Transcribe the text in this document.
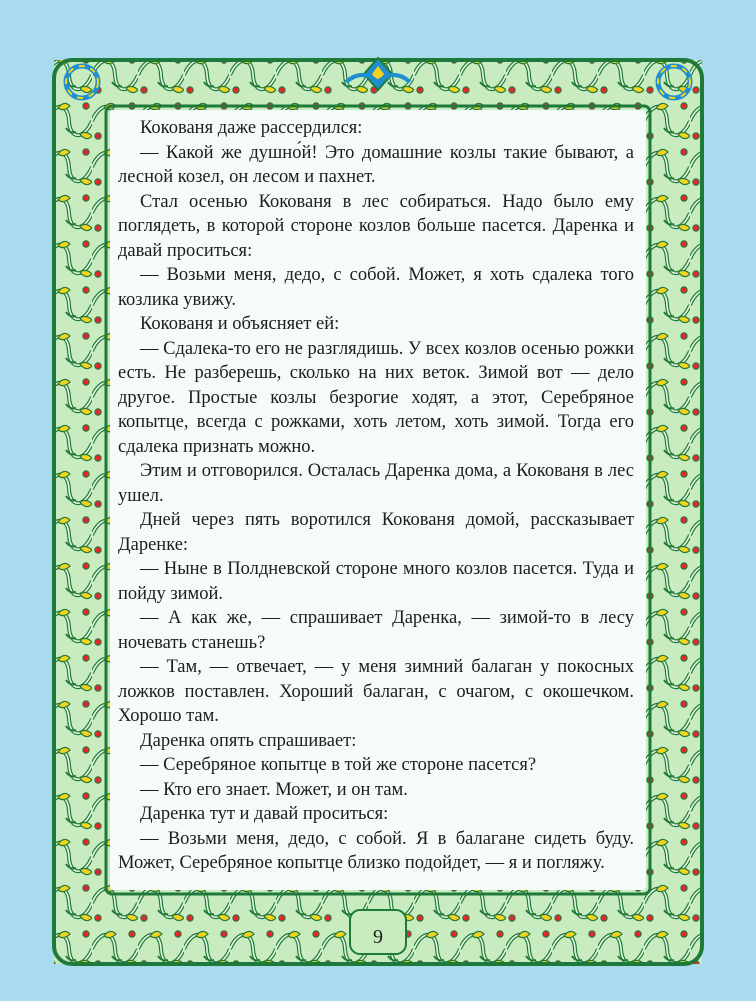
Кокованя даже рассердился:

— Какой же душно́й! Это домашние козлы такие бывают, а лесной козел, он лесом и пахнет.

Стал осенью Кокованя в лес собираться. Надо было ему поглядеть, в которой стороне козлов больше пасется. Даренка и давай проситься:

— Возьми меня, дедо, с собой. Может, я хоть сдалека того козлика увижу.

Кокованя и объясняет ей:

— Сдалека-то его не разглядишь. У всех козлов осенью рожки есть. Не разберешь, сколько на них веток. Зимой вот — дело другое. Простые козлы безрогие ходят, а этот, Серебряное копытце, всегда с рожками, хоть летом, хоть зимой. Тогда его сдалека признать можно.

Этим и отговорился. Осталась Даренка дома, а Кокованя в лес ушел.

Дней через пять воротился Кокованя домой, рассказывает Даренке:

— Ныне в Полдневской стороне много козлов пасется. Туда и пойду зимой.

— А как же, — спрашивает Даренка, — зимой-то в лесу ночевать станешь?

— Там, — отвечает, — у меня зимний балаган у покосных ложков поставлен. Хороший балаган, с очагом, с окошечком. Хорошо там.

Даренка опять спрашивает:

— Серебряное копытце в той же стороне пасется?

— Кто его знает. Может, и он там.

Даренка тут и давай проситься:

— Возьми меня, дедо, с собой. Я в балагане сидеть буду. Может, Серебряное копытце близко подойдет, — я и погляжу.

9
